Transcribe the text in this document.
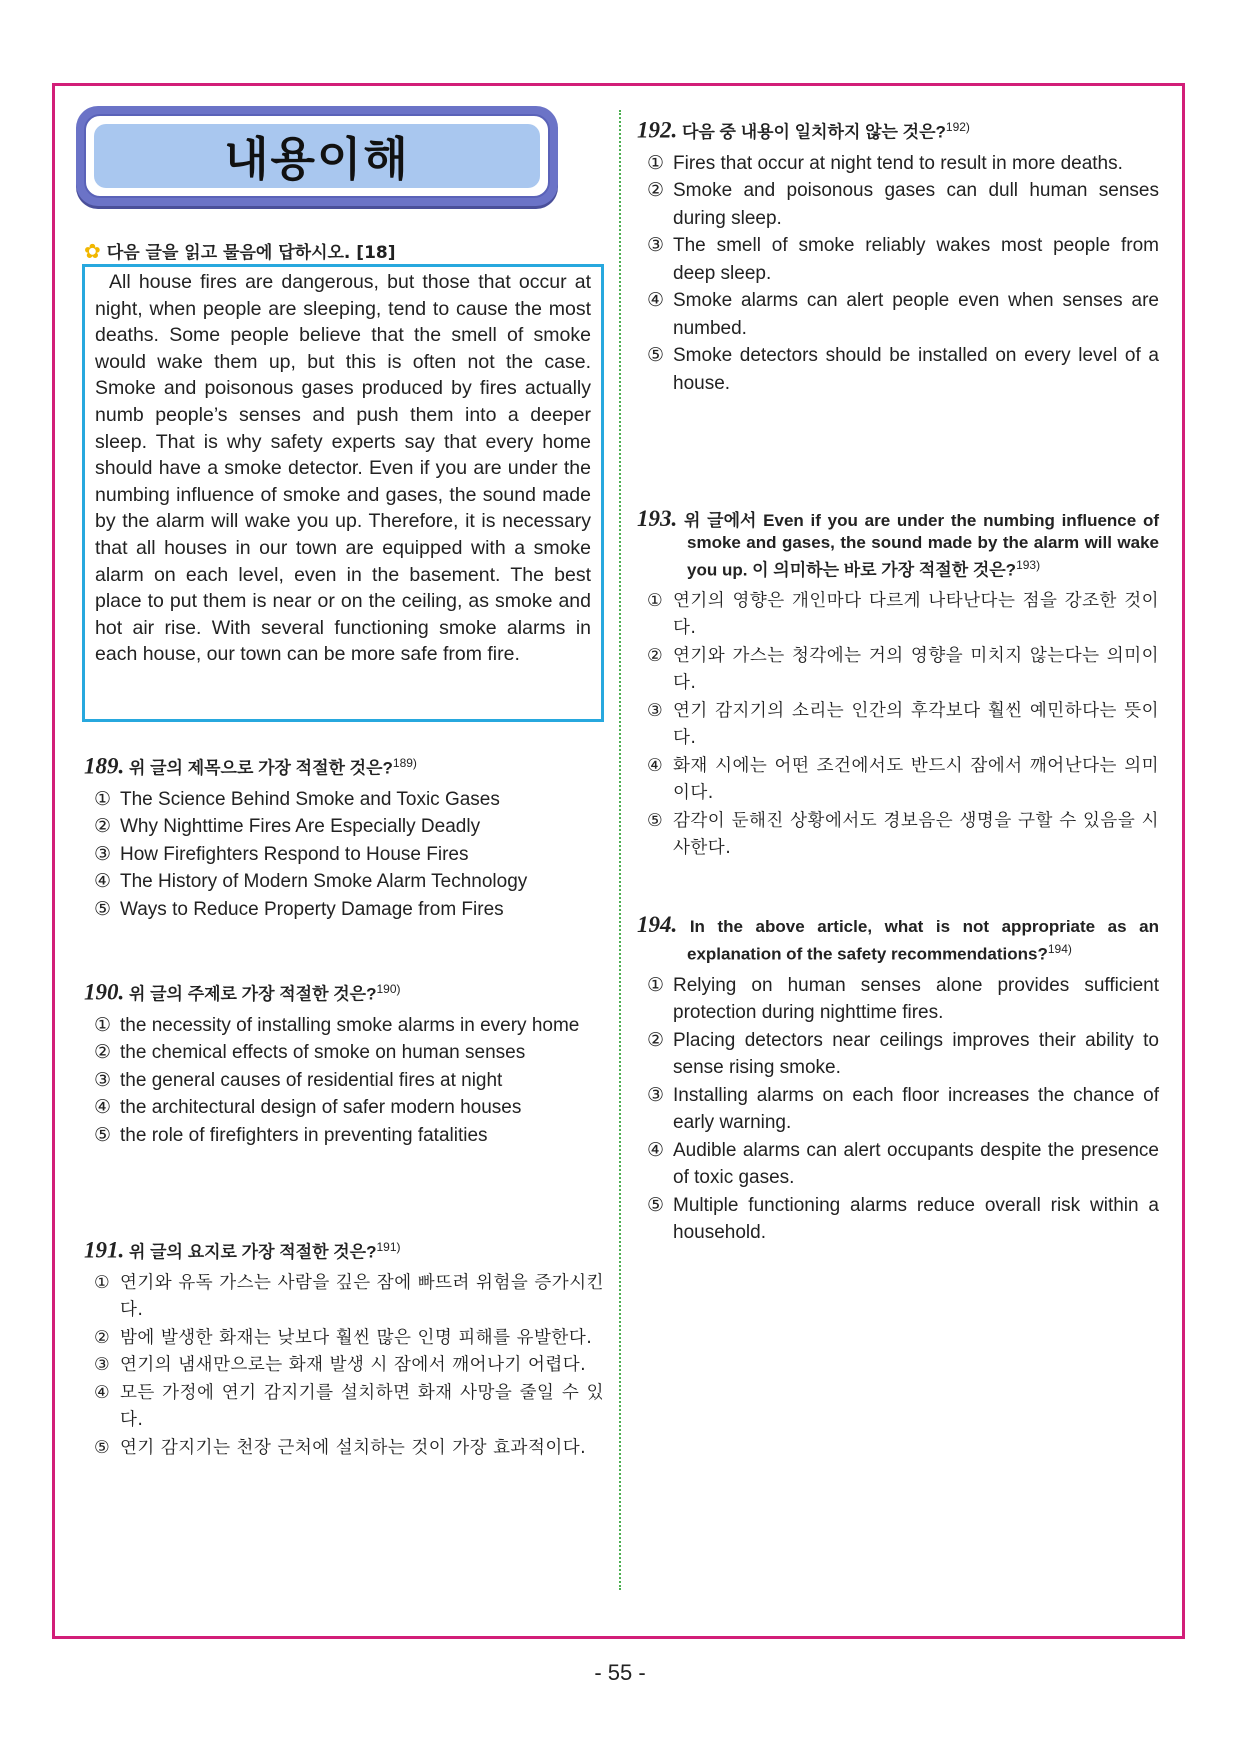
내용이해
✿ 다음 글을 읽고 물음에 답하시오. [18]
All house fires are dangerous, but those that occur at night, when people are sleeping, tend to cause the most deaths. Some people believe that the smell of smoke would wake them up, but this is often not the case. Smoke and poisonous gases produced by fires actually numb people’s senses and push them into a deeper sleep. That is why safety experts say that every home should have a smoke detector. Even if you are under the numbing influence of smoke and gases, the sound made by the alarm will wake you up. Therefore, it is necessary that all houses in our town are equipped with a smoke alarm on each level, even in the basement. The best place to put them is near or on the ceiling, as smoke and hot air rise. With several functioning smoke alarms in each house, our town can be more safe from fire.
189. 위 글의 제목으로 가장 적절한 것은?$^{189)}$
① The Science Behind Smoke and Toxic Gases
② Why Nighttime Fires Are Especially Deadly
③ How Firefighters Respond to House Fires
④ The History of Modern Smoke Alarm Technology
⑤ Ways to Reduce Property Damage from Fires
190. 위 글의 주제로 가장 적절한 것은?$^{190)}$
① the necessity of installing smoke alarms in every home
② the chemical effects of smoke on human senses
③ the general causes of residential fires at night
④ the architectural design of safer modern houses
⑤ the role of firefighters in preventing fatalities
191. 위 글의 요지로 가장 적절한 것은?$^{191)}$
① 연기와 유독 가스는 사람을 깊은 잠에 빠뜨려 위험을 증가시킨다.
② 밤에 발생한 화재는 낮보다 훨씬 많은 인명 피해를 유발한다.
③ 연기의 냄새만으로는 화재 발생 시 잠에서 깨어나기 어렵다.
④ 모든 가정에 연기 감지기를 설치하면 화재 사망을 줄일 수 있다.
⑤ 연기 감지기는 천장 근처에 설치하는 것이 가장 효과적이다.
192. 다음 중 내용이 일치하지 않는 것은?$^{192)}$
① Fires that occur at night tend to result in more deaths.
② Smoke and poisonous gases can dull human senses during sleep.
③ The smell of smoke reliably wakes most people from deep sleep.
④ Smoke alarms can alert people even when senses are numbed.
⑤ Smoke detectors should be installed on every level of a house.
193. 위 글에서 Even if you are under the numbing influence of smoke and gases, the sound made by the alarm will wake you up. 이 의미하는 바로 가장 적절한 것은?$^{193)}$
① 연기의 영향은 개인마다 다르게 나타난다는 점을 강조한 것이다.
② 연기와 가스는 청각에는 거의 영향을 미치지 않는다는 의미이다.
③ 연기 감지기의 소리는 인간의 후각보다 훨씬 예민하다는 뜻이다.
④ 화재 시에는 어떤 조건에서도 반드시 잠에서 깨어난다는 의미이다.
⑤ 감각이 둔해진 상황에서도 경보음은 생명을 구할 수 있음을 시사한다.
194. In the above article, what is not appropriate as an explanation of the safety recommendations?$^{194)}$
① Relying on human senses alone provides sufficient protection during nighttime fires.
② Placing detectors near ceilings improves their ability to sense rising smoke.
③ Installing alarms on each floor increases the chance of early warning.
④ Audible alarms can alert occupants despite the presence of toxic gases.
⑤ Multiple functioning alarms reduce overall risk within a household.
- 55 -
